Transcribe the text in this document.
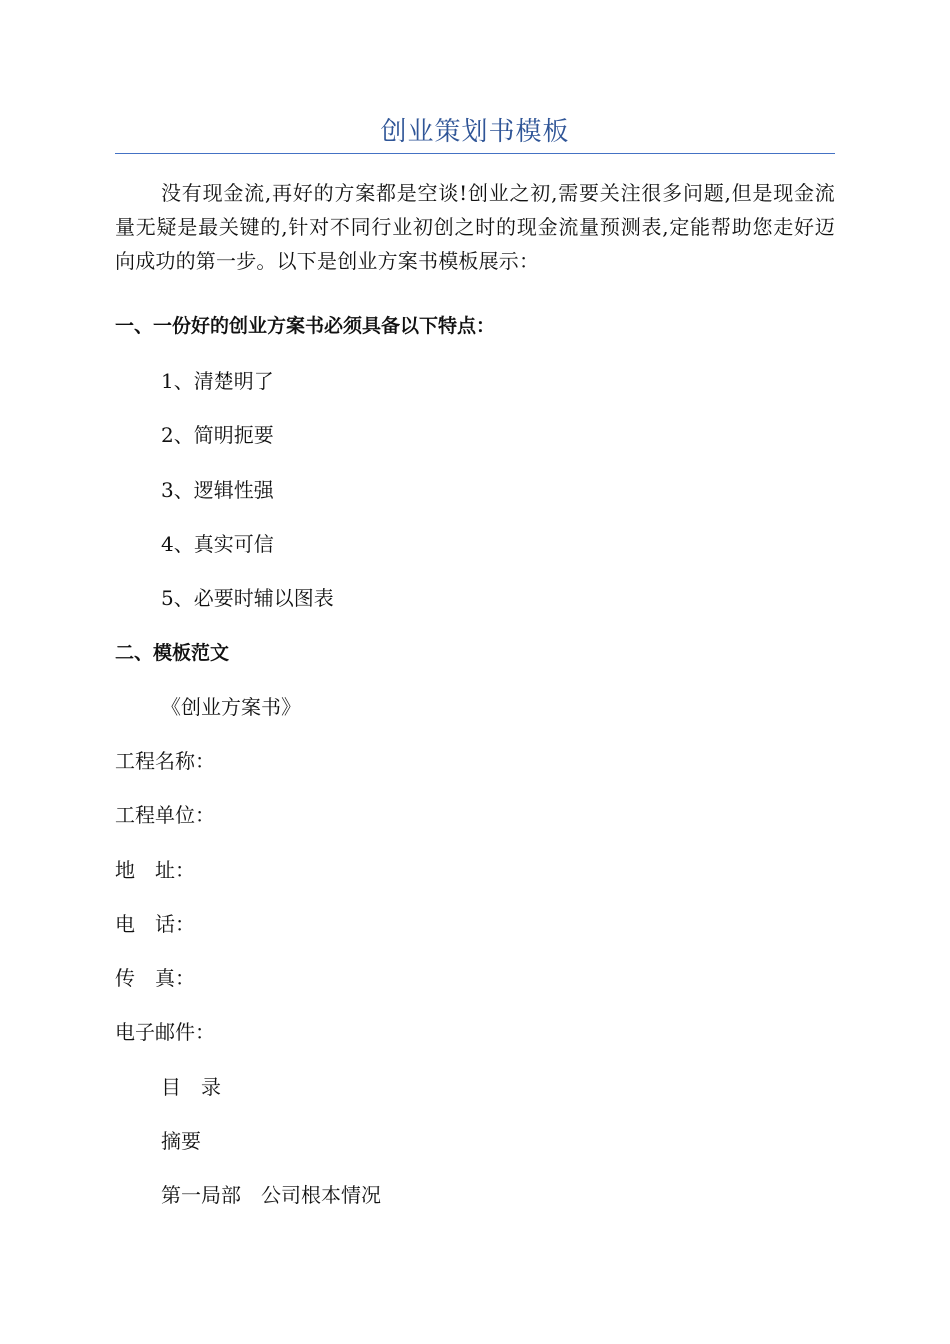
创业策划书模板
没有现金流,再好的方案都是空谈!创业之初,需要关注很多问题,但是现金流量无疑是最关键的,针对不同行业初创之时的现金流量预测表,定能帮助您走好迈向成功的第一步。以下是创业方案书模板展示：
一、一份好的创业方案书必须具备以下特点：
1、清楚明了
2、简明扼要
3、逻辑性强
4、真实可信
5、必要时辅以图表
二、模板范文
《创业方案书》
工程名称：
工程单位：
地　址：
电　话：
传　真：
电子邮件：
目　录
摘要
第一局部　公司根本情况
